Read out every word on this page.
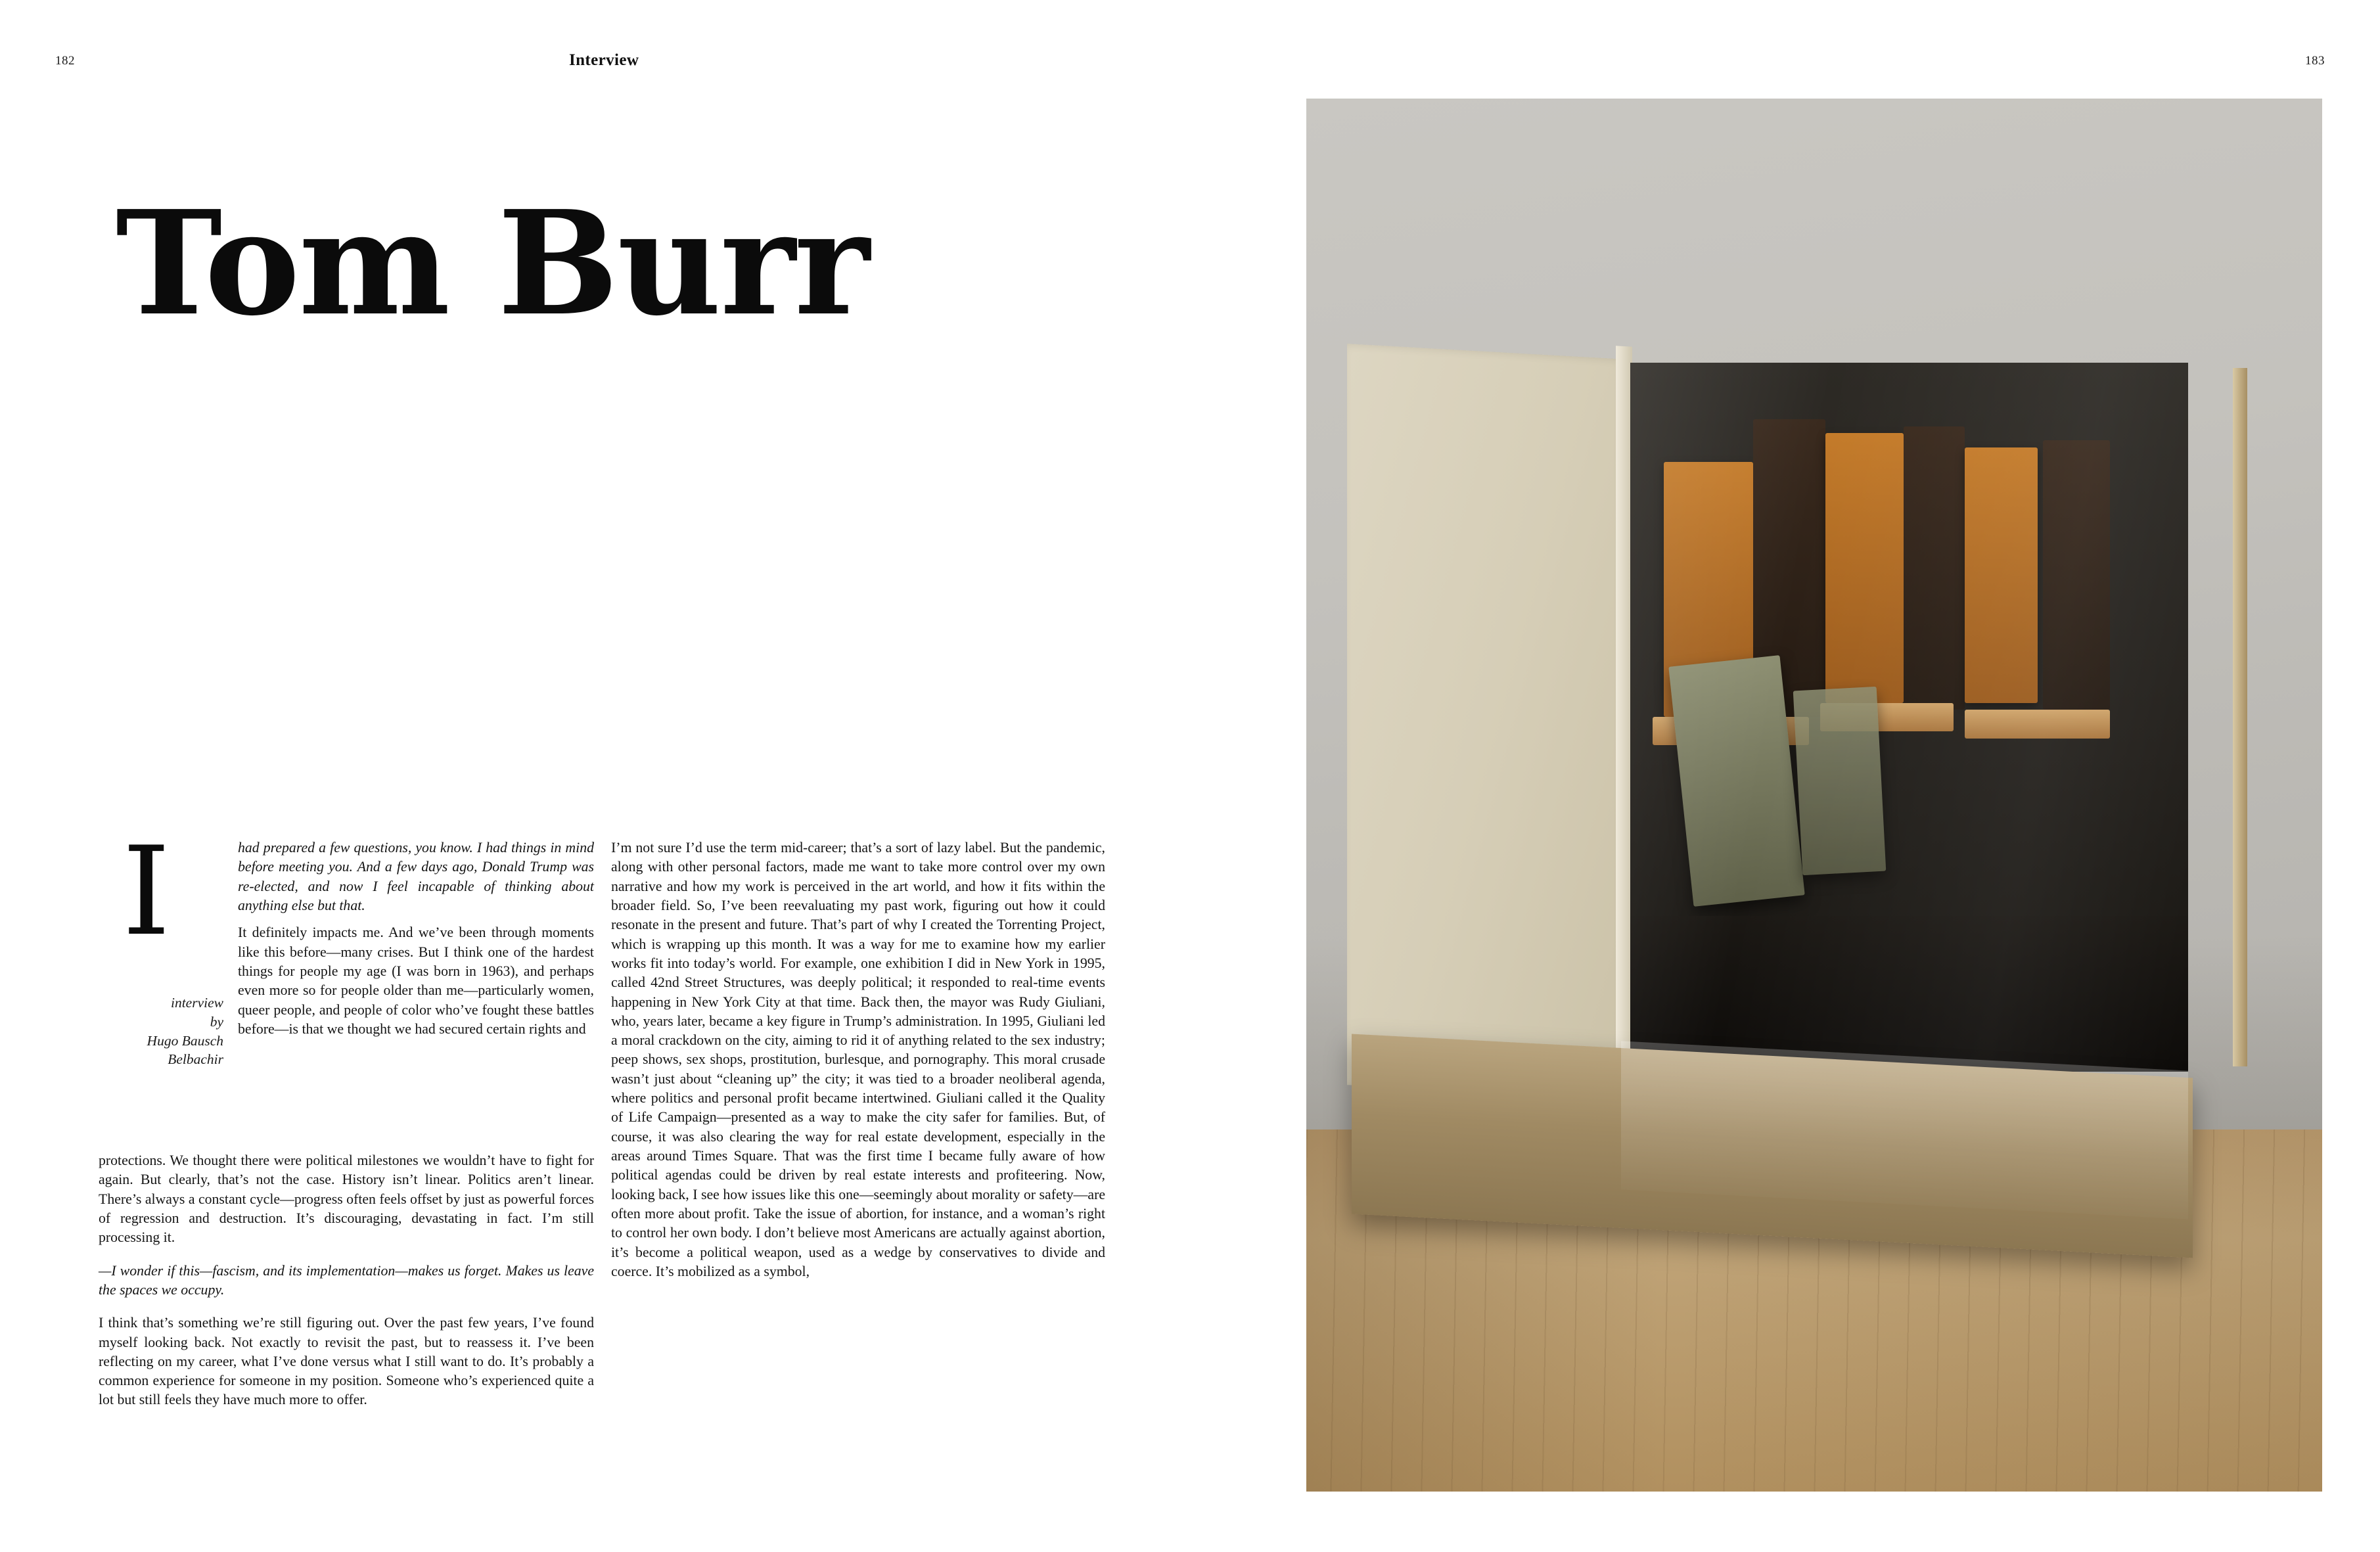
182	Interview	183
Tom Burr
I
interview
by
Hugo Bausch
Belbachir

had prepared a few questions, you know. I had things in mind before meeting you. And a few days ago, Donald Trump was re-elected, and now I feel incapable of thinking about anything else but that.

It definitely impacts me. And we’ve been through moments like this before—many crises. But I think one of the hardest things for people my age (I was born in 1963), and perhaps even more so for people older than me—particularly women, queer people, and people of color who’ve fought these battles before—is that we thought we had secured certain rights and

protections. We thought there were political milestones we wouldn’t have to fight for again. But clearly, that’s not the case. History isn’t linear. Politics aren’t linear. There’s always a constant cycle—progress often feels offset by just as powerful forces of regression and destruction. It’s discouraging, devastating in fact. I’m still processing it.

—I wonder if this—fascism, and its implementation—makes us forget. Makes us leave the spaces we occupy.

I think that’s something we’re still figuring out. Over the past few years, I’ve found myself looking back. Not exactly to revisit the past, but to reassess it. I’ve been reflecting on my career, what I’ve done versus what I still want to do. It’s probably a common experience for someone in my position. Someone who’s experienced quite a lot but still feels they have much more to offer.

I’m not sure I’d use the term mid-career; that’s a sort of lazy label. But the pandemic, along with other personal factors, made me want to take more control over my own narrative and how my work is perceived in the art world, and how it fits within the broader field. So, I’ve been reevaluating my past work, figuring out how it could resonate in the present and future. That’s part of why I created the Torrenting Project, which is wrapping up this month. It was a way for me to examine how my earlier works fit into today’s world. For example, one exhibition I did in New York in 1995, called 42nd Street Structures, was deeply political; it responded to real-time events happening in New York City at that time. Back then, the mayor was Rudy Giuliani, who, years later, became a key figure in Trump’s administration. In 1995, Giuliani led a moral crackdown on the city, aiming to rid it of anything related to the sex industry; peep shows, sex shops, prostitution, burlesque, and pornography. This moral crusade wasn’t just about “cleaning up” the city; it was tied to a broader neoliberal agenda, where politics and personal profit became intertwined. Giuliani called it the Quality of Life Campaign—presented as a way to make the city safer for families. But, of course, it was also clearing the way for real estate development, especially in the areas around Times Square. That was the first time I became fully aware of how political agendas could be driven by real estate interests and profiteering. Now, looking back, I see how issues like this one—seemingly about morality or safety—are often more about profit. Take the issue of abortion, for instance, and a woman’s right to control her own body. I don’t believe most Americans are actually against abortion, it’s become a political weapon, used as a wedge by conservatives to divide and coerce. It’s mobilized as a symbol,
